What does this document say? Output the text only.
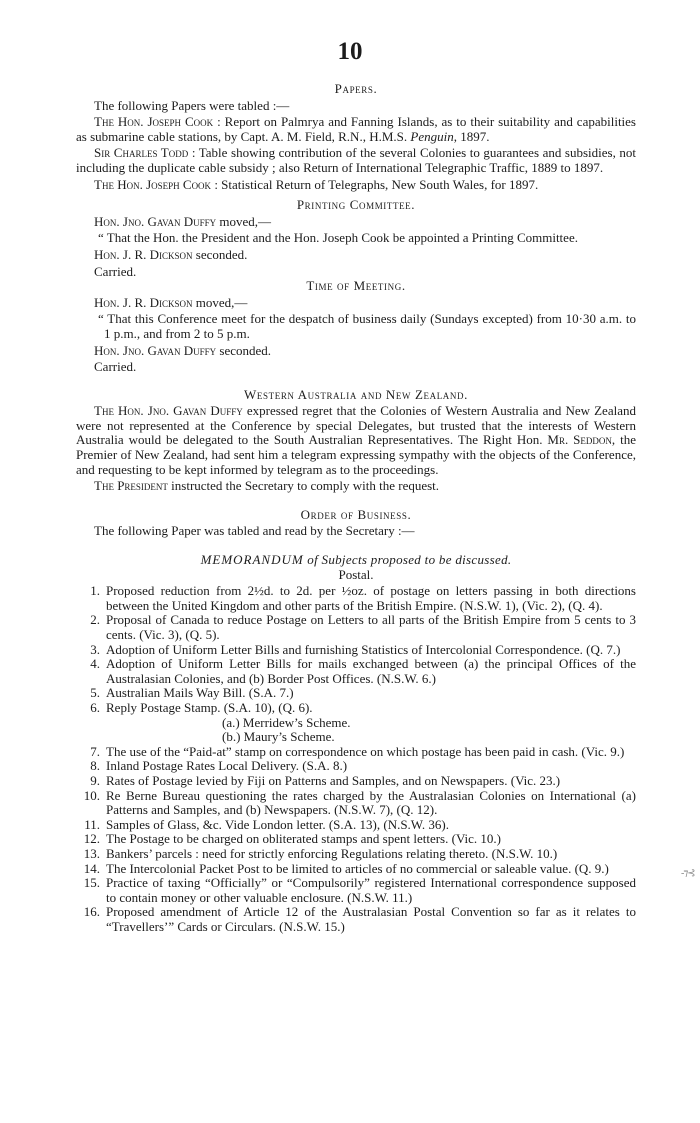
10
Papers.
The following Papers were tabled :—
The Hon. Joseph Cook : Report on Palmrya and Fanning Islands, as to their suitability and capabilities as submarine cable stations, by Capt. A. M. Field, R.N., H.M.S. Penguin, 1897.
Sir Charles Todd : Table showing contribution of the several Colonies to guarantees and subsidies, not including the duplicate cable subsidy ; also Return of International Telegraphic Traffic, 1889 to 1897.
The Hon. Joseph Cook : Statistical Return of Telegraphs, New South Wales, for 1897.
Printing Committee.
Hon. Jno. Gavan Duffy moved,—
“ That the Hon. the President and the Hon. Joseph Cook be appointed a Printing Committee.
Hon. J. R. Dickson seconded.
Carried.
Time of Meeting.
Hon. J. R. Dickson moved,—
“ That this Conference meet for the despatch of business daily (Sundays excepted) from 10·30 a.m. to 1 p.m., and from 2 to 5 p.m.
Hon. Jno. Gavan Duffy seconded.
Carried.
Western Australia and New Zealand.
The Hon. Jno. Gavan Duffy expressed regret that the Colonies of Western Australia and New Zealand were not represented at the Conference by special Delegates, but trusted that the interests of Western Australia would be delegated to the South Australian Representatives. The Right Hon. Mr. Seddon, the Premier of New Zealand, had sent him a telegram expressing sympathy with the objects of the Conference, and requesting to be kept informed by telegram as to the proceedings.
The President instructed the Secretary to comply with the request.
Order of Business.
The following Paper was tabled and read by the Secretary :—
MEMORANDUM of Subjects proposed to be discussed.
Postal.
1. Proposed reduction from 2½d. to 2d. per ½oz. of postage on letters passing in both directions between the United Kingdom and other parts of the British Empire. (N.S.W. 1), (Vic. 2), (Q. 4).
2. Proposal of Canada to reduce Postage on Letters to all parts of the British Empire from 5 cents to 3 cents. (Vic. 3), (Q. 5).
3. Adoption of Uniform Letter Bills and furnishing Statistics of Intercolonial Correspondence. (Q. 7.)
4. Adoption of Uniform Letter Bills for mails exchanged between (a) the principal Offices of the Australasian Colonies, and (b) Border Post Offices. (N.S.W. 6.)
5. Australian Mails Way Bill. (S.A. 7.)
6. Reply Postage Stamp. (S.A. 10), (Q. 6).
(a.) Merridew’s Scheme.
(b.) Maury’s Scheme.
7. The use of the “Paid-at” stamp on correspondence on which postage has been paid in cash. (Vic. 9.)
8. Inland Postage Rates Local Delivery. (S.A. 8.)
9. Rates of Postage levied by Fiji on Patterns and Samples, and on Newspapers. (Vic. 23.)
10. Re Berne Bureau questioning the rates charged by the Australasian Colonies on International (a) Patterns and Samples, and (b) Newspapers. (N.S.W. 7), (Q. 12).
11. Samples of Glass, &c. Vide London letter. (S.A. 13), (N.S.W. 36).
12. The Postage to be charged on obliterated stamps and spent letters. (Vic. 10.)
13. Bankers’ parcels : need for strictly enforcing Regulations relating thereto. (N.S.W. 10.)
14. The Intercolonial Packet Post to be limited to articles of no commercial or saleable value. (Q. 9.)
15. Practice of taxing “Officially” or “Compulsorily” registered International correspondence supposed to contain money or other valuable enclosure. (N.S.W. 11.)
16. Proposed amendment of Article 12 of the Australasian Postal Convention so far as it relates to “Travellers’” Cards or Circulars. (N.S.W. 15.)
-⁊⊰
